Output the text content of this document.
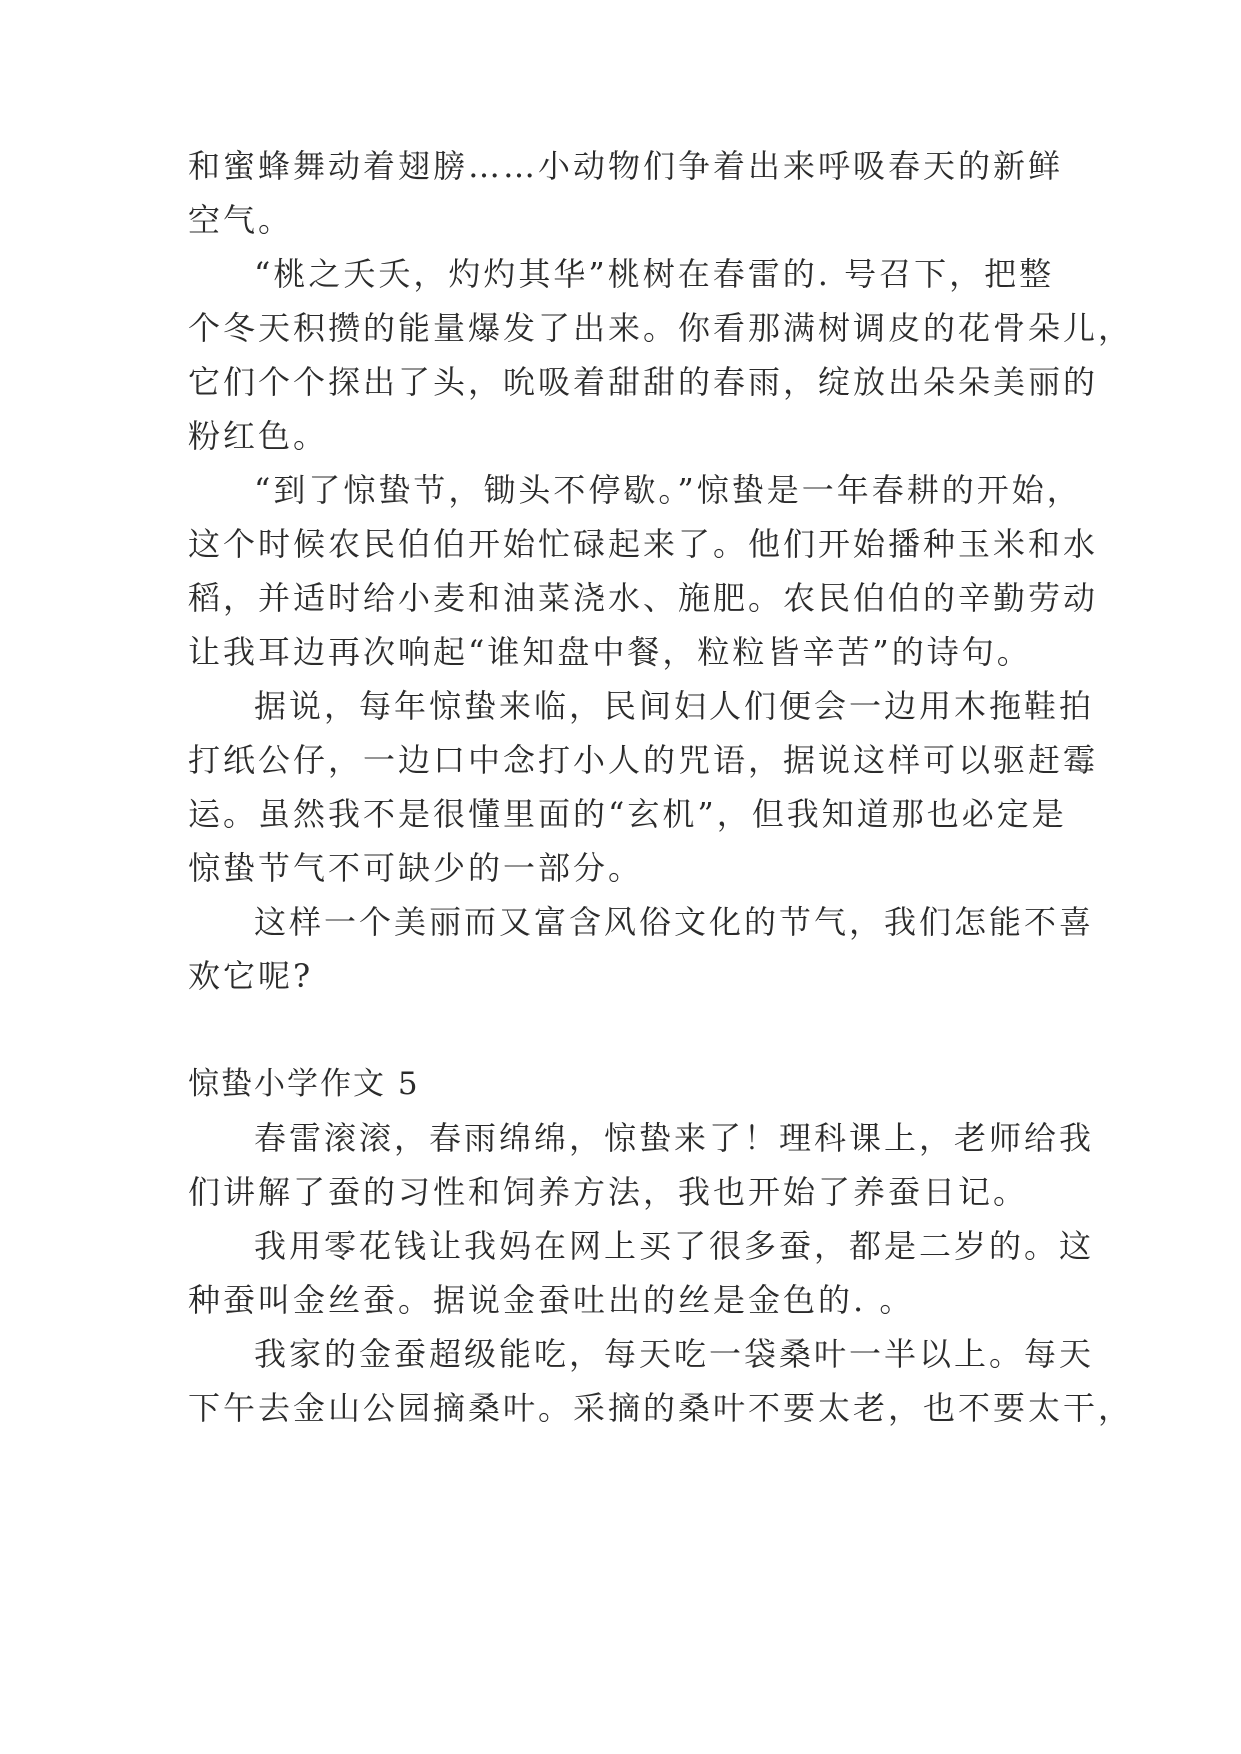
和蜜蜂舞动着翅膀……小动物们争着出来呼吸春天的新鲜
空气。
“桃之夭夭，灼灼其华”桃树在春雷的. 号召下，把整
个冬天积攒的能量爆发了出来。你看那满树调皮的花骨朵儿，
它们个个探出了头，吮吸着甜甜的春雨，绽放出朵朵美丽的
粉红色。
“到了惊蛰节，锄头不停歇。”惊蛰是一年春耕的开始，
这个时候农民伯伯开始忙碌起来了。他们开始播种玉米和水
稻，并适时给小麦和油菜浇水、施肥。农民伯伯的辛勤劳动
让我耳边再次响起“谁知盘中餐，粒粒皆辛苦”的诗句。
据说，每年惊蛰来临，民间妇人们便会一边用木拖鞋拍
打纸公仔，一边口中念打小人的咒语，据说这样可以驱赶霉
运。虽然我不是很懂里面的“玄机”，但我知道那也必定是
惊蛰节气不可缺少的一部分。
这样一个美丽而又富含风俗文化的节气，我们怎能不喜
欢它呢?
惊蛰小学作文 5
春雷滚滚，春雨绵绵，惊蛰来了！理科课上，老师给我
们讲解了蚕的习性和饲养方法，我也开始了养蚕日记。
我用零花钱让我妈在网上买了很多蚕，都是二岁的。这
种蚕叫金丝蚕。据说金蚕吐出的丝是金色的. 。
我家的金蚕超级能吃，每天吃一袋桑叶一半以上。每天
下午去金山公园摘桑叶。采摘的桑叶不要太老，也不要太干，
